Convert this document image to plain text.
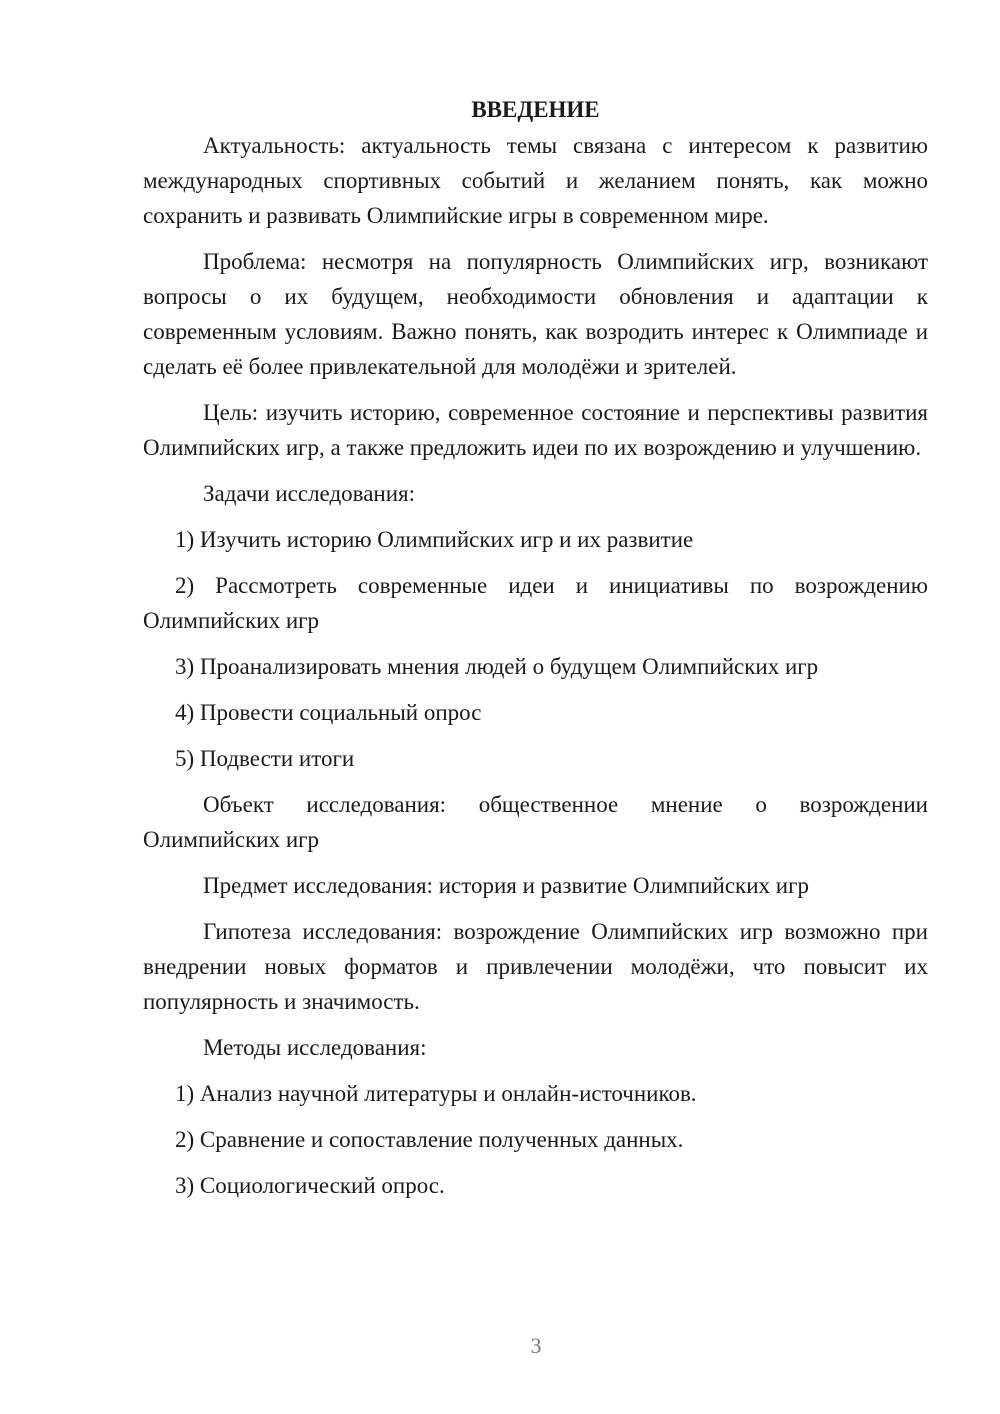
ВВЕДЕНИЕ

Актуальность: актуальность темы связана с интересом к развитию международных спортивных событий и желанием понять, как можно сохранить и развивать Олимпийские игры в современном мире.

Проблема: несмотря на популярность Олимпийских игр, возникают вопросы о их будущем, необходимости обновления и адаптации к современным условиям. Важно понять, как возродить интерес к Олимпиаде и сделать её более привлекательной для молодёжи и зрителей.

Цель: изучить историю, современное состояние и перспективы развития Олимпийских игр, а также предложить идеи по их возрождению и улучшению.

Задачи исследования:

1) Изучить историю Олимпийских игр и их развитие

2) Рассмотреть современные идеи и инициативы по возрождению Олимпийских игр

3) Проанализировать мнения людей о будущем Олимпийских игр

4) Провести социальный опрос

5) Подвести итоги

Объект исследования: общественное мнение о возрождении Олимпийских игр

Предмет исследования: история и развитие Олимпийских игр

Гипотеза исследования: возрождение Олимпийских игр возможно при внедрении новых форматов и привлечении молодёжи, что повысит их популярность и значимость.

Методы исследования:

1) Анализ научной литературы и онлайн-источников.

2) Сравнение и сопоставление полученных данных.

3) Социологический опрос.

3
